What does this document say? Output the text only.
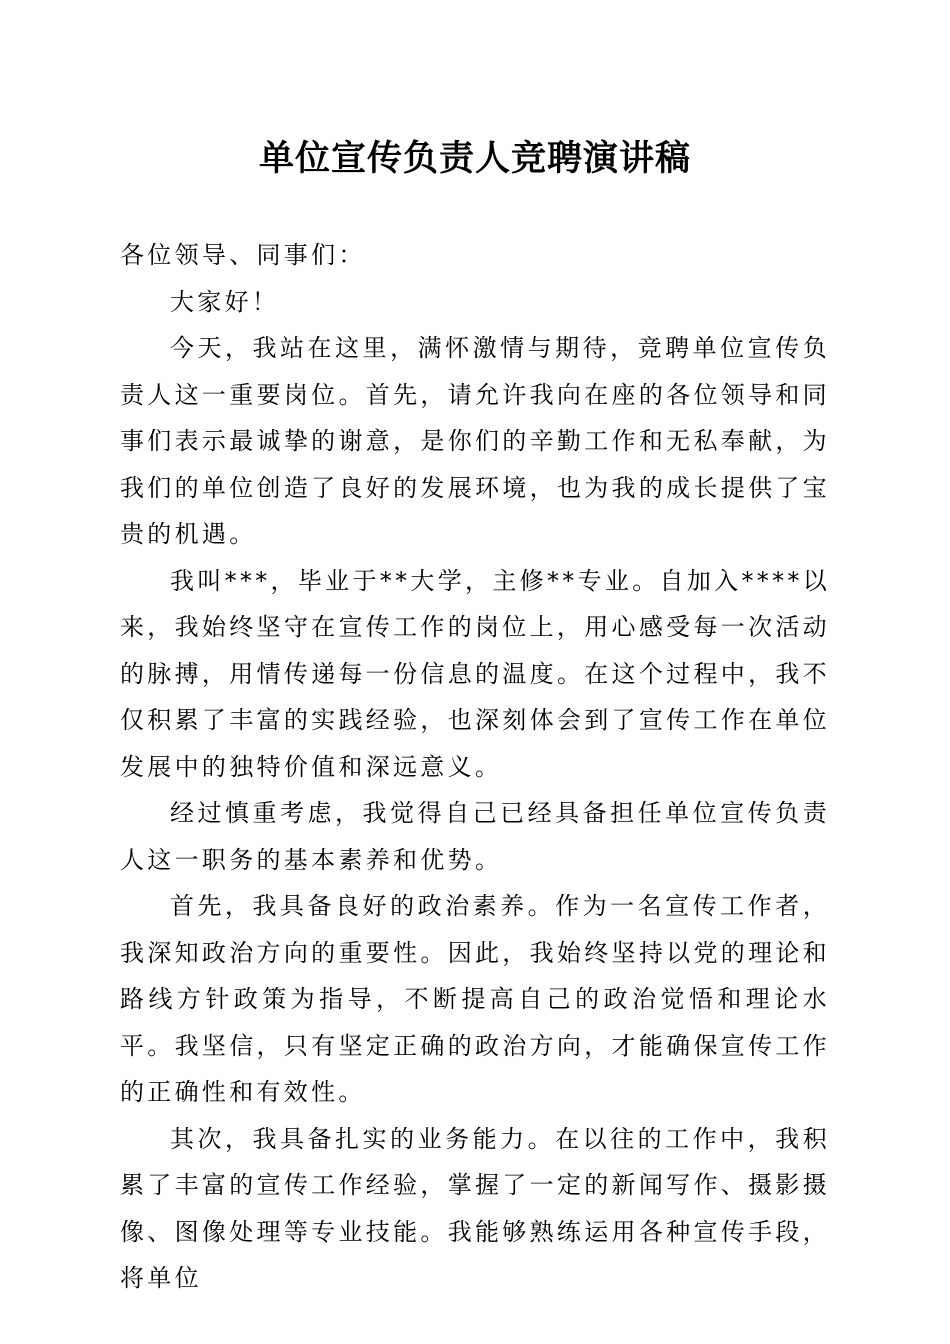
单位宣传负责人竞聘演讲稿

各位领导、同事们：

大家好！

今天，我站在这里，满怀激情与期待，竞聘单位宣传负责人这一重要岗位。首先，请允许我向在座的各位领导和同事们表示最诚挚的谢意，是你们的辛勤工作和无私奉献，为我们的单位创造了良好的发展环境，也为我的成长提供了宝贵的机遇。

我叫***，毕业于**大学，主修**专业。自加入****以来，我始终坚守在宣传工作的岗位上，用心感受每一次活动的脉搏，用情传递每一份信息的温度。在这个过程中，我不仅积累了丰富的实践经验，也深刻体会到了宣传工作在单位发展中的独特价值和深远意义。

经过慎重考虑，我觉得自己已经具备担任单位宣传负责人这一职务的基本素养和优势。

首先，我具备良好的政治素养。作为一名宣传工作者，我深知政治方向的重要性。因此，我始终坚持以党的理论和路线方针政策为指导，不断提高自己的政治觉悟和理论水平。我坚信，只有坚定正确的政治方向，才能确保宣传工作的正确性和有效性。

其次，我具备扎实的业务能力。在以往的工作中，我积累了丰富的宣传工作经验，掌握了一定的新闻写作、摄影摄像、图像处理等专业技能。我能够熟练运用各种宣传手段，将单位
